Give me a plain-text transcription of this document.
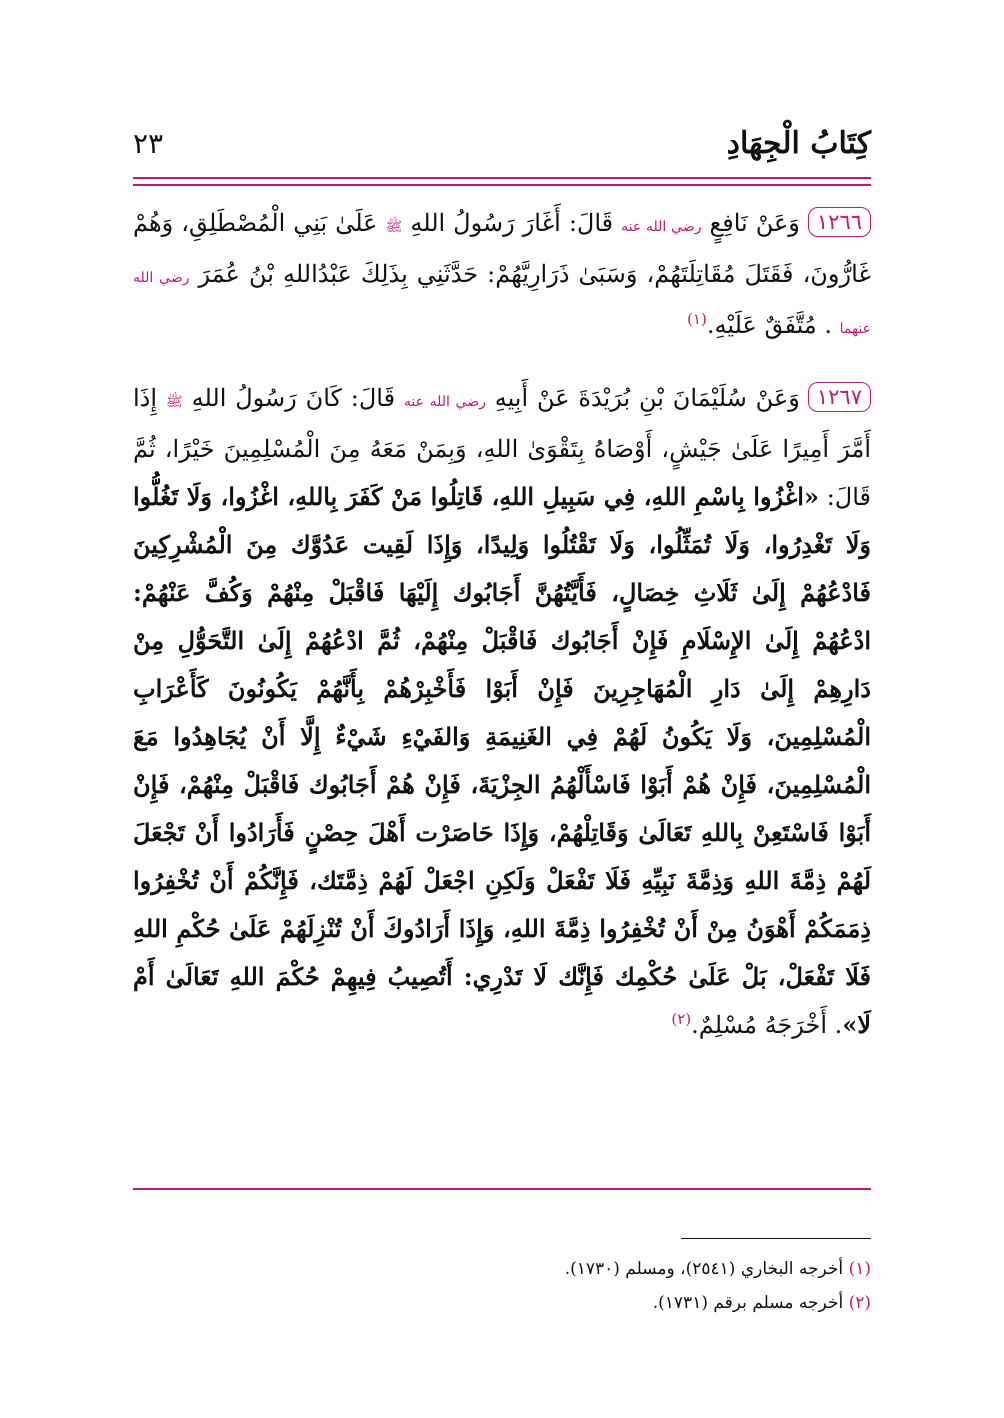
كِتَابُ الْجِهَادِ
٢٣

١٢٦٦وَعَنْ نَافِعٍ رضي الله عنه قَالَ: أَغَارَ رَسُولُ اللهِ ﷺ عَلَىٰ بَنِي الْمُصْطَلِقِ، وَهُمْ غَارُّونَ، فَقَتَلَ مُقَاتِلَتَهُمْ، وَسَبَىٰ ذَرَارِيَّهُمْ: حَدَّثَنِي بِذَلِكَ عَبْدُاللهِ بْنُ عُمَرَ رضي الله عنهما . مُتَّفَقٌ عَلَيْهِ.$^{(١)}$

١٢٦٧وَعَنْ سُلَيْمَانَ بْنِ بُرَيْدَةَ عَنْ أَبِيهِ رضي الله عنه قَالَ: كَانَ رَسُولُ اللهِ ﷺ إِذَا أَمَّرَ أَمِيرًا عَلَىٰ جَيْشٍ، أَوْصَاهُ بِتَقْوَىٰ اللهِ، وَبِمَنْ مَعَهُ مِنَ الْمُسْلِمِينَ خَيْرًا، ثُمَّ قَالَ: «اغْزُوا بِاسْمِ اللهِ، فِي سَبِيلِ اللهِ، قَاتِلُوا مَنْ كَفَرَ بِاللهِ، اغْزُوا، وَلَا تَغُلُّوا وَلَا تَغْدِرُوا، وَلَا تُمَثِّلُوا، وَلَا تَقْتُلُوا وَلِيدًا، وَإِذَا لَقِيت عَدُوَّك مِنَ الْمُشْرِكِينَ فَادْعُهُمْ إِلَىٰ ثَلَاثِ خِصَالٍ، فَأَيَّتُهُنَّ أَجَابُوك إِلَيْهَا فَاقْبَلْ مِنْهُمْ وَكُفَّ عَنْهُمْ: ادْعُهُمْ إِلَىٰ الإِسْلَامِ فَإِنْ أَجَابُوك فَاقْبَلْ مِنْهُمْ، ثُمَّ ادْعُهُمْ إِلَىٰ التَّحَوُّلِ مِنْ دَارِهِمْ إِلَىٰ دَارِ الْمُهَاجِرِينَ فَإِنْ أَبَوْا فَأَخْبِرْهُمْ بِأَنَّهُمْ يَكُونُونَ كَأَعْرَابِ الْمُسْلِمِينَ، وَلَا يَكُونُ لَهُمْ فِي الغَنِيمَةِ وَالفَيْءِ شَيْءٌ إِلَّا أَنْ يُجَاهِدُوا مَعَ الْمُسْلِمِينَ، فَإِنْ هُمْ أَبَوْا فَاسْأَلْهُمُ الجِزْيَةَ، فَإِنْ هُمْ أَجَابُوك فَاقْبَلْ مِنْهُمْ، فَإِنْ أَبَوْا فَاسْتَعِنْ بِاللهِ تَعَالَىٰ وَقَاتِلْهُمْ، وَإِذَا حَاصَرْت أَهْلَ حِصْنٍ فَأَرَادُوا أَنْ تَجْعَلَ لَهُمْ ذِمَّةَ اللهِ وَذِمَّةَ نَبِيِّهِ فَلَا تَفْعَلْ وَلَكِنِ اجْعَلْ لَهُمْ ذِمَّتَك، فَإِنَّكُمْ أَنْ تُخْفِرُوا ذِمَمَكُمْ أَهْوَنُ مِنْ أَنْ تُخْفِرُوا ذِمَّةَ اللهِ، وَإِذَا أَرَادُوكَ أَنْ تُنْزِلَهُمْ عَلَىٰ حُكْمِ اللهِ فَلَا تَفْعَلْ، بَلْ عَلَىٰ حُكْمِك فَإِنَّك لَا تَدْرِي: أَتُصِيبُ فِيهِمْ حُكْمَ اللهِ تَعَالَىٰ أَمْ لَا». أَخْرَجَهُ مُسْلِمٌ.$^{(٢)}$

(١) أخرجه البخاري (٢٥٤١)، ومسلم (١٧٣٠).
(٢) أخرجه مسلم برقم (١٧٣١).
